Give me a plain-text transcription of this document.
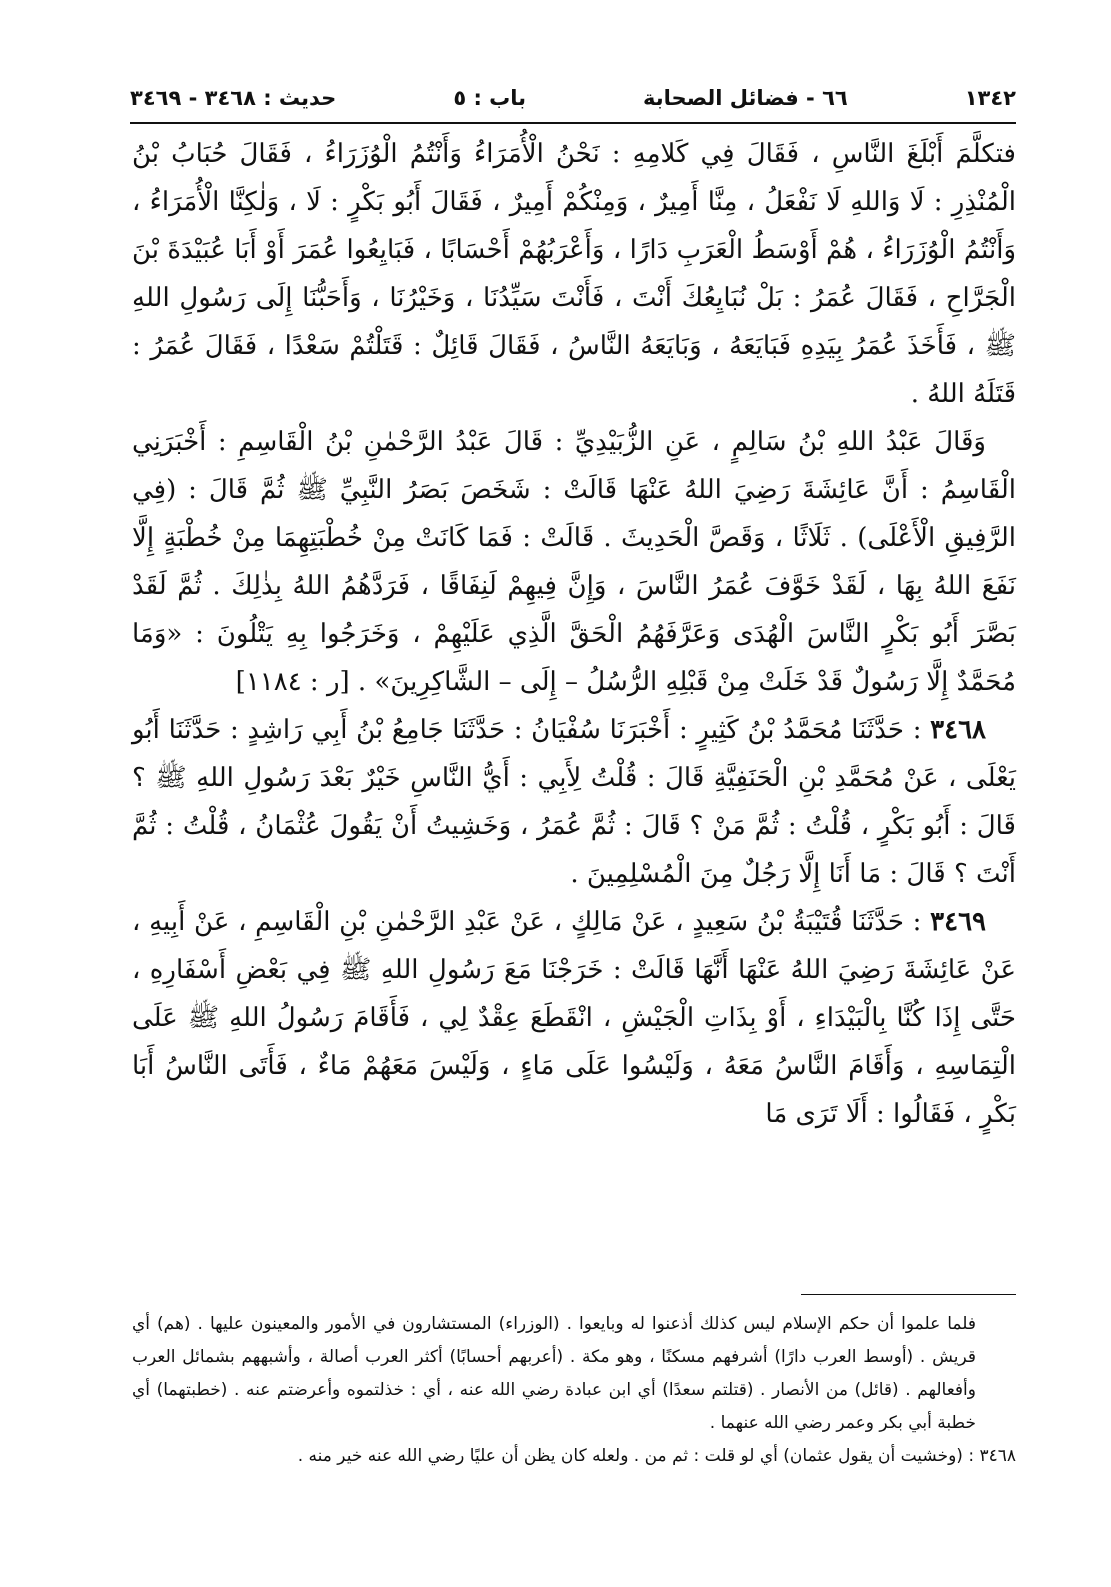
١٣٤٢
٦٦ - فضائل الصحابة
باب : ٥
حديث : ٣٤٦٨ - ٣٤٦٩

فتكلَّمَ أَبْلَغَ النَّاسِ ، فَقَالَ فِي كَلامِهِ : نَحْنُ الْأُمَرَاءُ وَأَنْتُمُ الْوُزَرَاءُ ، فَقَالَ حُبَابُ بْنُ الْمُنْذِرِ : لَا وَاللهِ لَا نَفْعَلُ ، مِنَّا أَمِيرٌ ، وَمِنْكُمْ أَمِيرٌ ، فَقَالَ أَبُو بَكْرٍ : لَا ، وَلٰكِنَّا الْأُمَرَاءُ ، وَأَنْتُمُ الْوُزَرَاءُ ، هُمْ أَوْسَطُ الْعَرَبِ دَارًا ، وَأَعْرَبُهُمْ أَحْسَابًا ، فَبَايِعُوا عُمَرَ أَوْ أَبَا عُبَيْدَةَ بْنَ الْجَرَّاحِ ، فَقَالَ عُمَرُ : بَلْ نُبَايِعُكَ أَنْتَ ، فَأَنْتَ سَيِّدُنَا ، وَخَيْرُنَا ، وَأَحَبُّنَا إِلَى رَسُولِ اللهِ ﷺ ، فَأَخَذَ عُمَرُ بِيَدِهِ فَبَايَعَهُ ، وَبَايَعَهُ النَّاسُ ، فَقَالَ قَائِلٌ : قَتَلْتُمْ سَعْدًا ، فَقَالَ عُمَرُ : قَتَلَهُ اللهُ .

وَقَالَ عَبْدُ اللهِ بْنُ سَالِمٍ ، عَنِ الزُّبَيْدِيِّ : قَالَ عَبْدُ الرَّحْمٰنِ بْنُ الْقَاسِمِ : أَخْبَرَنِي الْقَاسِمُ : أَنَّ عَائِشَةَ رَضِيَ اللهُ عَنْهَا قَالَتْ : شَخَصَ بَصَرُ النَّبِيِّ ﷺ ثُمَّ قَالَ : (فِي الرَّفِيقِ الْأَعْلَى) . ثَلَاثًا ، وَقَصَّ الْحَدِيثَ . قَالَتْ : فَمَا كَانَتْ مِنْ خُطْبَتِهِمَا مِنْ خُطْبَةٍ إِلَّا نَفَعَ اللهُ بِهَا ، لَقَدْ خَوَّفَ عُمَرُ النَّاسَ ، وَإِنَّ فِيهِمْ لَنِفَاقًا ، فَرَدَّهُمُ اللهُ بِذٰلِكَ . ثُمَّ لَقَدْ بَصَّرَ أَبُو بَكْرٍ النَّاسَ الْهُدَى وَعَرَّفَهُمُ الْحَقَّ الَّذِي عَلَيْهِمْ ، وَخَرَجُوا بِهِ يَتْلُونَ : «وَمَا مُحَمَّدٌ إِلَّا رَسُولٌ قَدْ خَلَتْ مِنْ قَبْلِهِ الرُّسُلُ – إِلَى – الشَّاكِرِينَ» . [ر : ١١٨٤]

٣٤٦٨ : حَدَّثَنَا مُحَمَّدُ بْنُ كَثِيرٍ : أَخْبَرَنَا سُفْيَانُ : حَدَّثَنَا جَامِعُ بْنُ أَبِي رَاشِدٍ : حَدَّثَنَا أَبُو يَعْلَى ، عَنْ مُحَمَّدِ بْنِ الْحَنَفِيَّةِ قَالَ : قُلْتُ لِأَبِي : أَيُّ النَّاسِ خَيْرٌ بَعْدَ رَسُولِ اللهِ ﷺ ؟ قَالَ : أَبُو بَكْرٍ ، قُلْتُ : ثُمَّ مَنْ ؟ قَالَ : ثُمَّ عُمَرُ ، وَخَشِيتُ أَنْ يَقُولَ عُثْمَانُ ، قُلْتُ : ثُمَّ أَنْتَ ؟ قَالَ : مَا أَنَا إِلَّا رَجُلٌ مِنَ الْمُسْلِمِينَ .

٣٤٦٩ : حَدَّثَنَا قُتَيْبَةُ بْنُ سَعِيدٍ ، عَنْ مَالِكٍ ، عَنْ عَبْدِ الرَّحْمٰنِ بْنِ الْقَاسِمِ ، عَنْ أَبِيهِ ، عَنْ عَائِشَةَ رَضِيَ اللهُ عَنْهَا أَنَّهَا قَالَتْ : خَرَجْنَا مَعَ رَسُولِ اللهِ ﷺ فِي بَعْضِ أَسْفَارِهِ ، حَتَّى إِذَا كُنَّا بِالْبَيْدَاءِ ، أَوْ بِذَاتِ الْجَيْشِ ، انْقَطَعَ عِقْدٌ لِي ، فَأَقَامَ رَسُولُ اللهِ ﷺ عَلَى الْتِمَاسِهِ ، وَأَقَامَ النَّاسُ مَعَهُ ، وَلَيْسُوا عَلَى مَاءٍ ، وَلَيْسَ مَعَهُمْ مَاءٌ ، فَأَتَى النَّاسُ أَبَا بَكْرٍ ، فَقَالُوا : أَلَا تَرَى مَا

فلما علموا أن حكم الإسلام ليس كذلك أذعنوا له وبايعوا . (الوزراء) المستشارون في الأمور والمعينون عليها . (هم) أي قريش . (أوسط العرب دارًا) أشرفهم مسكنًا ، وهو مكة . (أعربهم أحسابًا) أكثر العرب أصالة ، وأشبههم بشمائل العرب وأفعالهم . (قائل) من الأنصار . (قتلتم سعدًا) أي ابن عبادة رضي الله عنه ، أي : خذلتموه وأعرضتم عنه . (خطبتهما) أي خطبة أبي بكر وعمر رضي الله عنهما .

٣٤٦٨ : (وخشيت أن يقول عثمان) أي لو قلت : ثم من . ولعله كان يظن أن عليًا رضي الله عنه خير منه .
